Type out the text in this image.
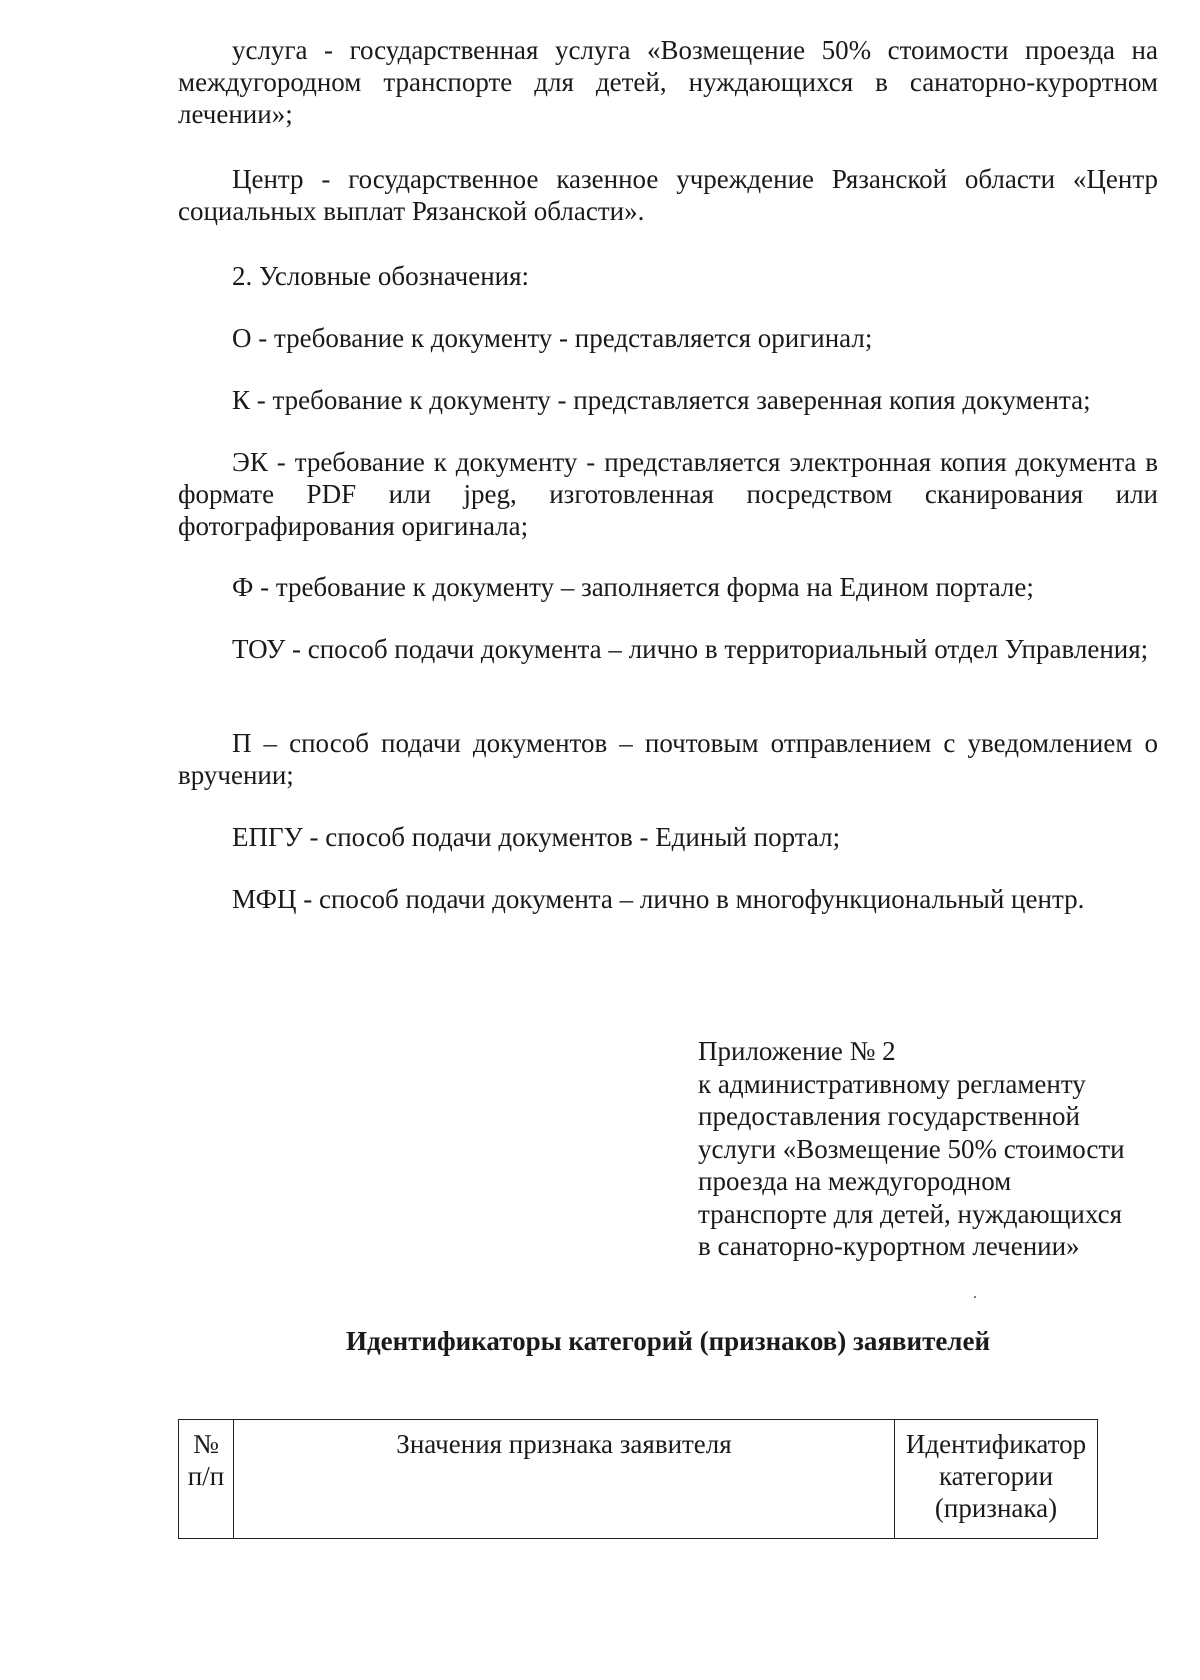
услуга - государственная услуга «Возмещение 50% стоимости проезда на междугородном транспорте для детей, нуждающихся в санаторно-курортном лечении»;

Центр - государственное казенное учреждение Рязанской области «Центр социальных выплат Рязанской области».

2. Условные обозначения:

О - требование к документу - представляется оригинал;

К - требование к документу - представляется заверенная копия документа;

ЭК - требование к документу - представляется электронная копия документа в формате PDF или jpeg, изготовленная посредством сканирования или фотографирования оригинала;

Ф - требование к документу – заполняется форма на Едином портале;

ТОУ - способ подачи документа – лично в территориальный отдел Управления;

П – способ подачи документов – почтовым отправлением с уведомлением о вручении;

ЕПГУ - способ подачи документов - Единый портал;

МФЦ - способ подачи документа – лично в многофункциональный центр.

Приложение № 2
к административному регламенту
предоставления государственной
услуги «Возмещение 50% стоимости
проезда на междугородном
транспорте для детей, нуждающихся
в санаторно-курортном лечении»
Идентификаторы категорий (признаков) заявителей
№ п/п	Значения признака заявителя	Идентификатор категории (признака)
